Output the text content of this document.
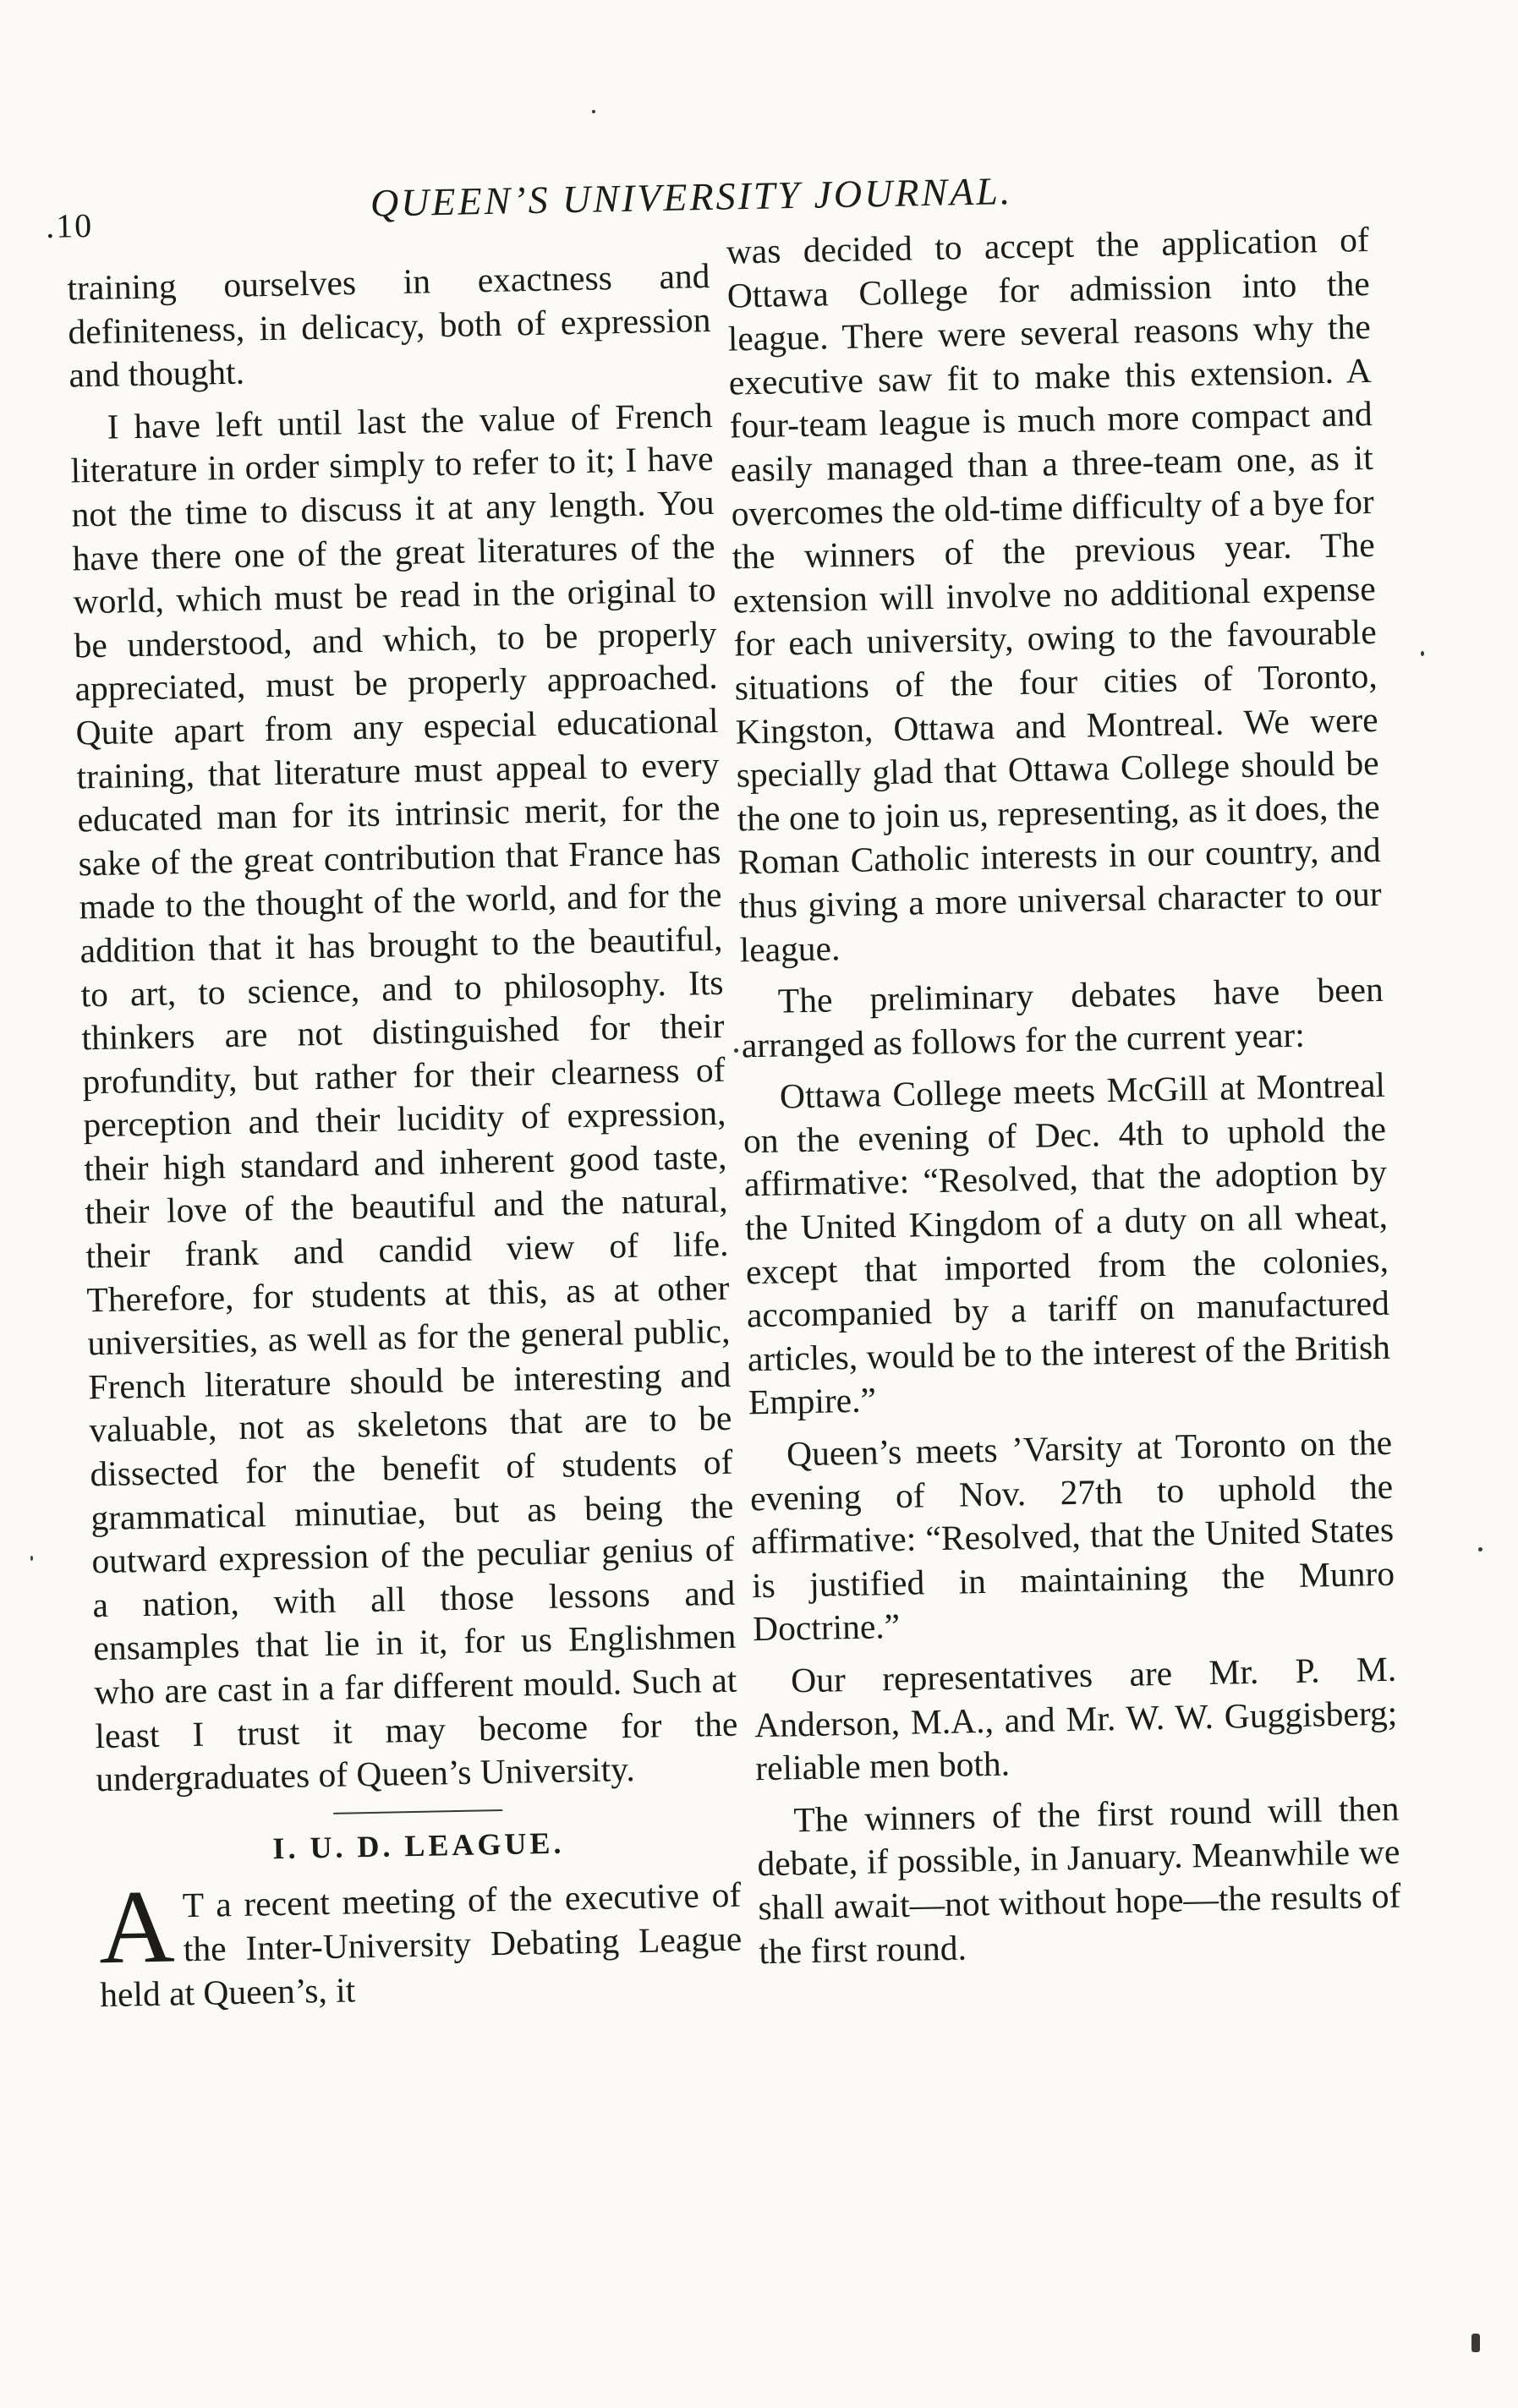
.10
QUEEN’S UNIVERSITY JOURNAL.

training ourselves in exactness and definiteness, in delicacy, both of expression and thought.

I have left until last the value of French literature in order simply to refer to it; I have not the time to discuss it at any length. You have there one of the great literatures of the world, which must be read in the original to be understood, and which, to be properly appreciated, must be properly approached. Quite apart from any especial educational training, that literature must appeal to every educated man for its intrinsic merit, for the sake of the great contribution that France has made to the thought of the world, and for the addition that it has brought to the beautiful, to art, to science, and to philosophy. Its thinkers are not distinguished for their profundity, but rather for their clearness of perception and their lucidity of expression, their high standard and inherent good taste, their love of the beautiful and the natural, their frank and candid view of life. Therefore, for students at this, as at other universities, as well as for the general public, French literature should be interesting and valuable, not as skeletons that are to be dissected for the benefit of students of grammatical minutiae, but as being the outward expression of the peculiar genius of a nation, with all those lessons and ensamples that lie in it, for us Englishmen who are cast in a far different mould. Such at least I trust it may become for the undergraduates of Queen’s University.

I. U. D. LEAGUE.

A T a recent meeting of the executive of the Inter-University Debating League held at Queen’s, it

was decided to accept the application of Ottawa College for admission into the league. There were several reasons why the executive saw fit to make this extension. A four-team league is much more compact and easily managed than a three-team one, as it overcomes the old-time difficulty of a bye for the winners of the previous year. The extension will involve no additional expense for each university, owing to the favourable situations of the four cities of Toronto, Kingston, Ottawa and Montreal. We were specially glad that Ottawa College should be the one to join us, representing, as it does, the Roman Catholic interests in our country, and thus giving a more universal character to our league.

The preliminary debates have been arranged as follows for the current year:

Ottawa College meets McGill at Montreal on the evening of Dec. 4th to uphold the affirmative: “Resolved, that the adoption by the United Kingdom of a duty on all wheat, except that imported from the colonies, accompanied by a tariff on manufactured articles, would be to the interest of the British Empire.”

Queen’s meets ’Varsity at Toronto on the evening of Nov. 27th to uphold the affirmative: “Resolved, that the United States is justified in maintaining the Munro Doctrine.”

Our representatives are Mr. P. M. Anderson, M.A., and Mr. W. W. Guggisberg; reliable men both.

The winners of the first round will then debate, if possible, in January. Meanwhile we shall await—not without hope—the results of the first round.
